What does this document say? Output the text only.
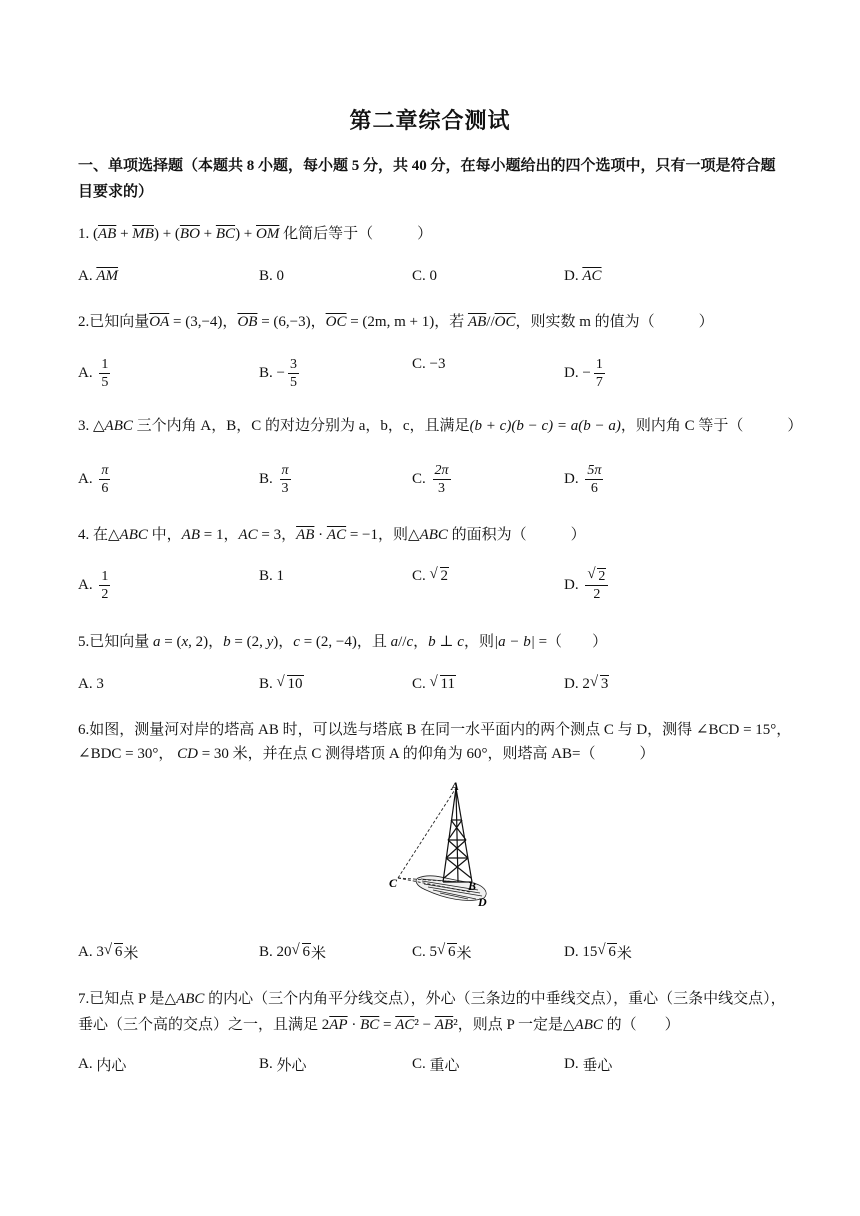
第二章综合测试
一、单项选择题（本题共 8 小题，每小题 5 分，共 40 分，在每小题给出的四个选项中，只有一项是符合题目要求的）
1. $(\overline{AB} + \overline{MB}) + (\overline{BO} + \overline{BC}) + \overline{OM}$ 化简后等于（	）
A.
$\overline{AM}$	B.
0	C.
0	D.
$\overline{AC}$
2.已知向量$\overline{OA} = (3,-4)$，$\overline{OB} = (6,-3)$，$\overline{OC} = (2m$, m + 1)，若 $\overline{AB}//\overline{OC}$，则实数 m 的值为（	）
A.
$\frac{1}{5}$	B.
− $\frac{3}{5}$	C.
−3
D.
− $\frac{1}{7}$
3. △ABC 三个内角 A，B，C 的对边分别为 a，b，c，且满足(b + c)(b − c) = a(b − a)，则内角 C 等于（	）
A.
$\frac{\pi}{6}$	B.
$\frac{\pi}{3}$	C.
$\frac{2\pi}{3}$	D.
$\frac{5\pi}{6}$
4. 在△ABC 中，AB = 1，AC = 3，$\overline{AB} \cdot \overline{AC} = -1$，则△ABC 的面积为（	）
A.
$\frac{1}{2}$	B.
1	C.
√ 2
D.
√ $\frac{2}{2}$
5.已知向量 a = (x, 2)，b = (2, y)，c = (2, −4)，且 a//c，b ⊥ c，则|a − b| =（ ）
A.
3	B.
√ 10	C.
√ 11	D.
2 √ 3
6.如图，测量河对岸的塔高 AB 时，可以选与塔底 B 在同一水平面内的两个测点 C 与 D，测得 ∠BCD = 15°，
∠BDC = 30°， CD = 30 米，并在点 C 测得塔顶 A 的仰角为 60°，则塔高 AB=（	）
A
B
C
D
A.
3 √ 6 米	B.
20 √ 6 米	C.
5 √ 6 米	D.
15 √ 6 米
7.已知点 P 是△ABC 的内心（三个内角平分线交点），外心（三条边的中垂线交点），重心（三条中线交点），
垂心（三个高的交点）之一，且满足 $2\overline{AP} \cdot \overline{BC} = \overline{AC}^2 - \overline{AB}^2$，则点 P 一定是△ABC 的（ ）
A.
内心	B.
外心	C.
重心	D.
垂心
